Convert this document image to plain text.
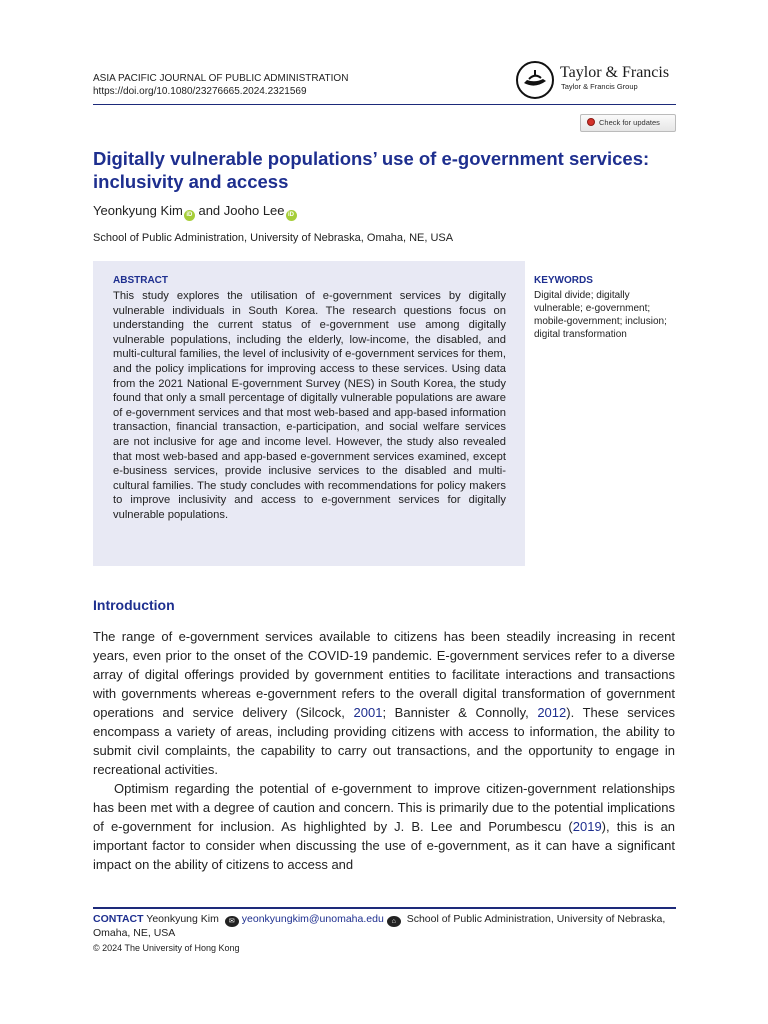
ASIA PACIFIC JOURNAL OF PUBLIC ADMINISTRATION
https://doi.org/10.1080/23276665.2024.2321569
Taylor & Francis
Taylor & Francis Group
Check for updates
Digitally vulnerable populations’ use of e-government services: inclusivity and access
Yeonkyung Kim iD and Jooho Lee iD
School of Public Administration, University of Nebraska, Omaha, NE, USA
ABSTRACT
This study explores the utilisation of e-government services by digitally vulnerable individuals in South Korea. The research questions focus on understanding the current status of e-government use among digitally vulnerable populations, including the elderly, low-income, the disabled, and multi-cultural families, the level of inclusivity of e-government services for them, and the policy implications for improving access to these services. Using data from the 2021 National E-government Survey (NES) in South Korea, the study found that only a small percentage of digitally vulnerable populations are aware of e-government services and that most web-based and app-based information transaction, financial transaction, e-participation, and social welfare services are not inclusive for age and income level. However, the study also revealed that most web-based and app-based e-government services examined, except e-business services, provide inclusive services to the disabled and multi-cultural families. The study concludes with recommendations for policy makers to improve inclusivity and access to e-government services for digitally vulnerable populations.
KEYWORDS
Digital divide; digitally vulnerable; e-government; mobile-government; inclusion; digital transformation
Introduction

The range of e-government services available to citizens has been steadily increasing in recent years, even prior to the onset of the COVID-19 pandemic. E-government services refer to a diverse array of digital offerings provided by government entities to facilitate interactions and transactions with governments whereas e-government refers to the overall digital transformation of government operations and service delivery (Silcock, 2001; Bannister & Connolly, 2012). These services encompass a variety of areas, including providing citizens with access to information, the ability to submit civil complaints, the capability to carry out transactions, and the opportunity to engage in recreational activities.

Optimism regarding the potential of e-government to improve citizen-government relationships has been met with a degree of caution and concern. This is primarily due to the potential implications of e-government for inclusion. As highlighted by J. B. Lee and Porumbescu (2019), this is an important factor to consider when discussing the use of e-government, as it can have a significant impact on the ability of citizens to access and

CONTACT Yeonkyung Kim ✉ yeonkyungkim@unomaha.edu ⌂ School of Public Administration, University of Nebraska, Omaha, NE, USA
© 2024 The University of Hong Kong
